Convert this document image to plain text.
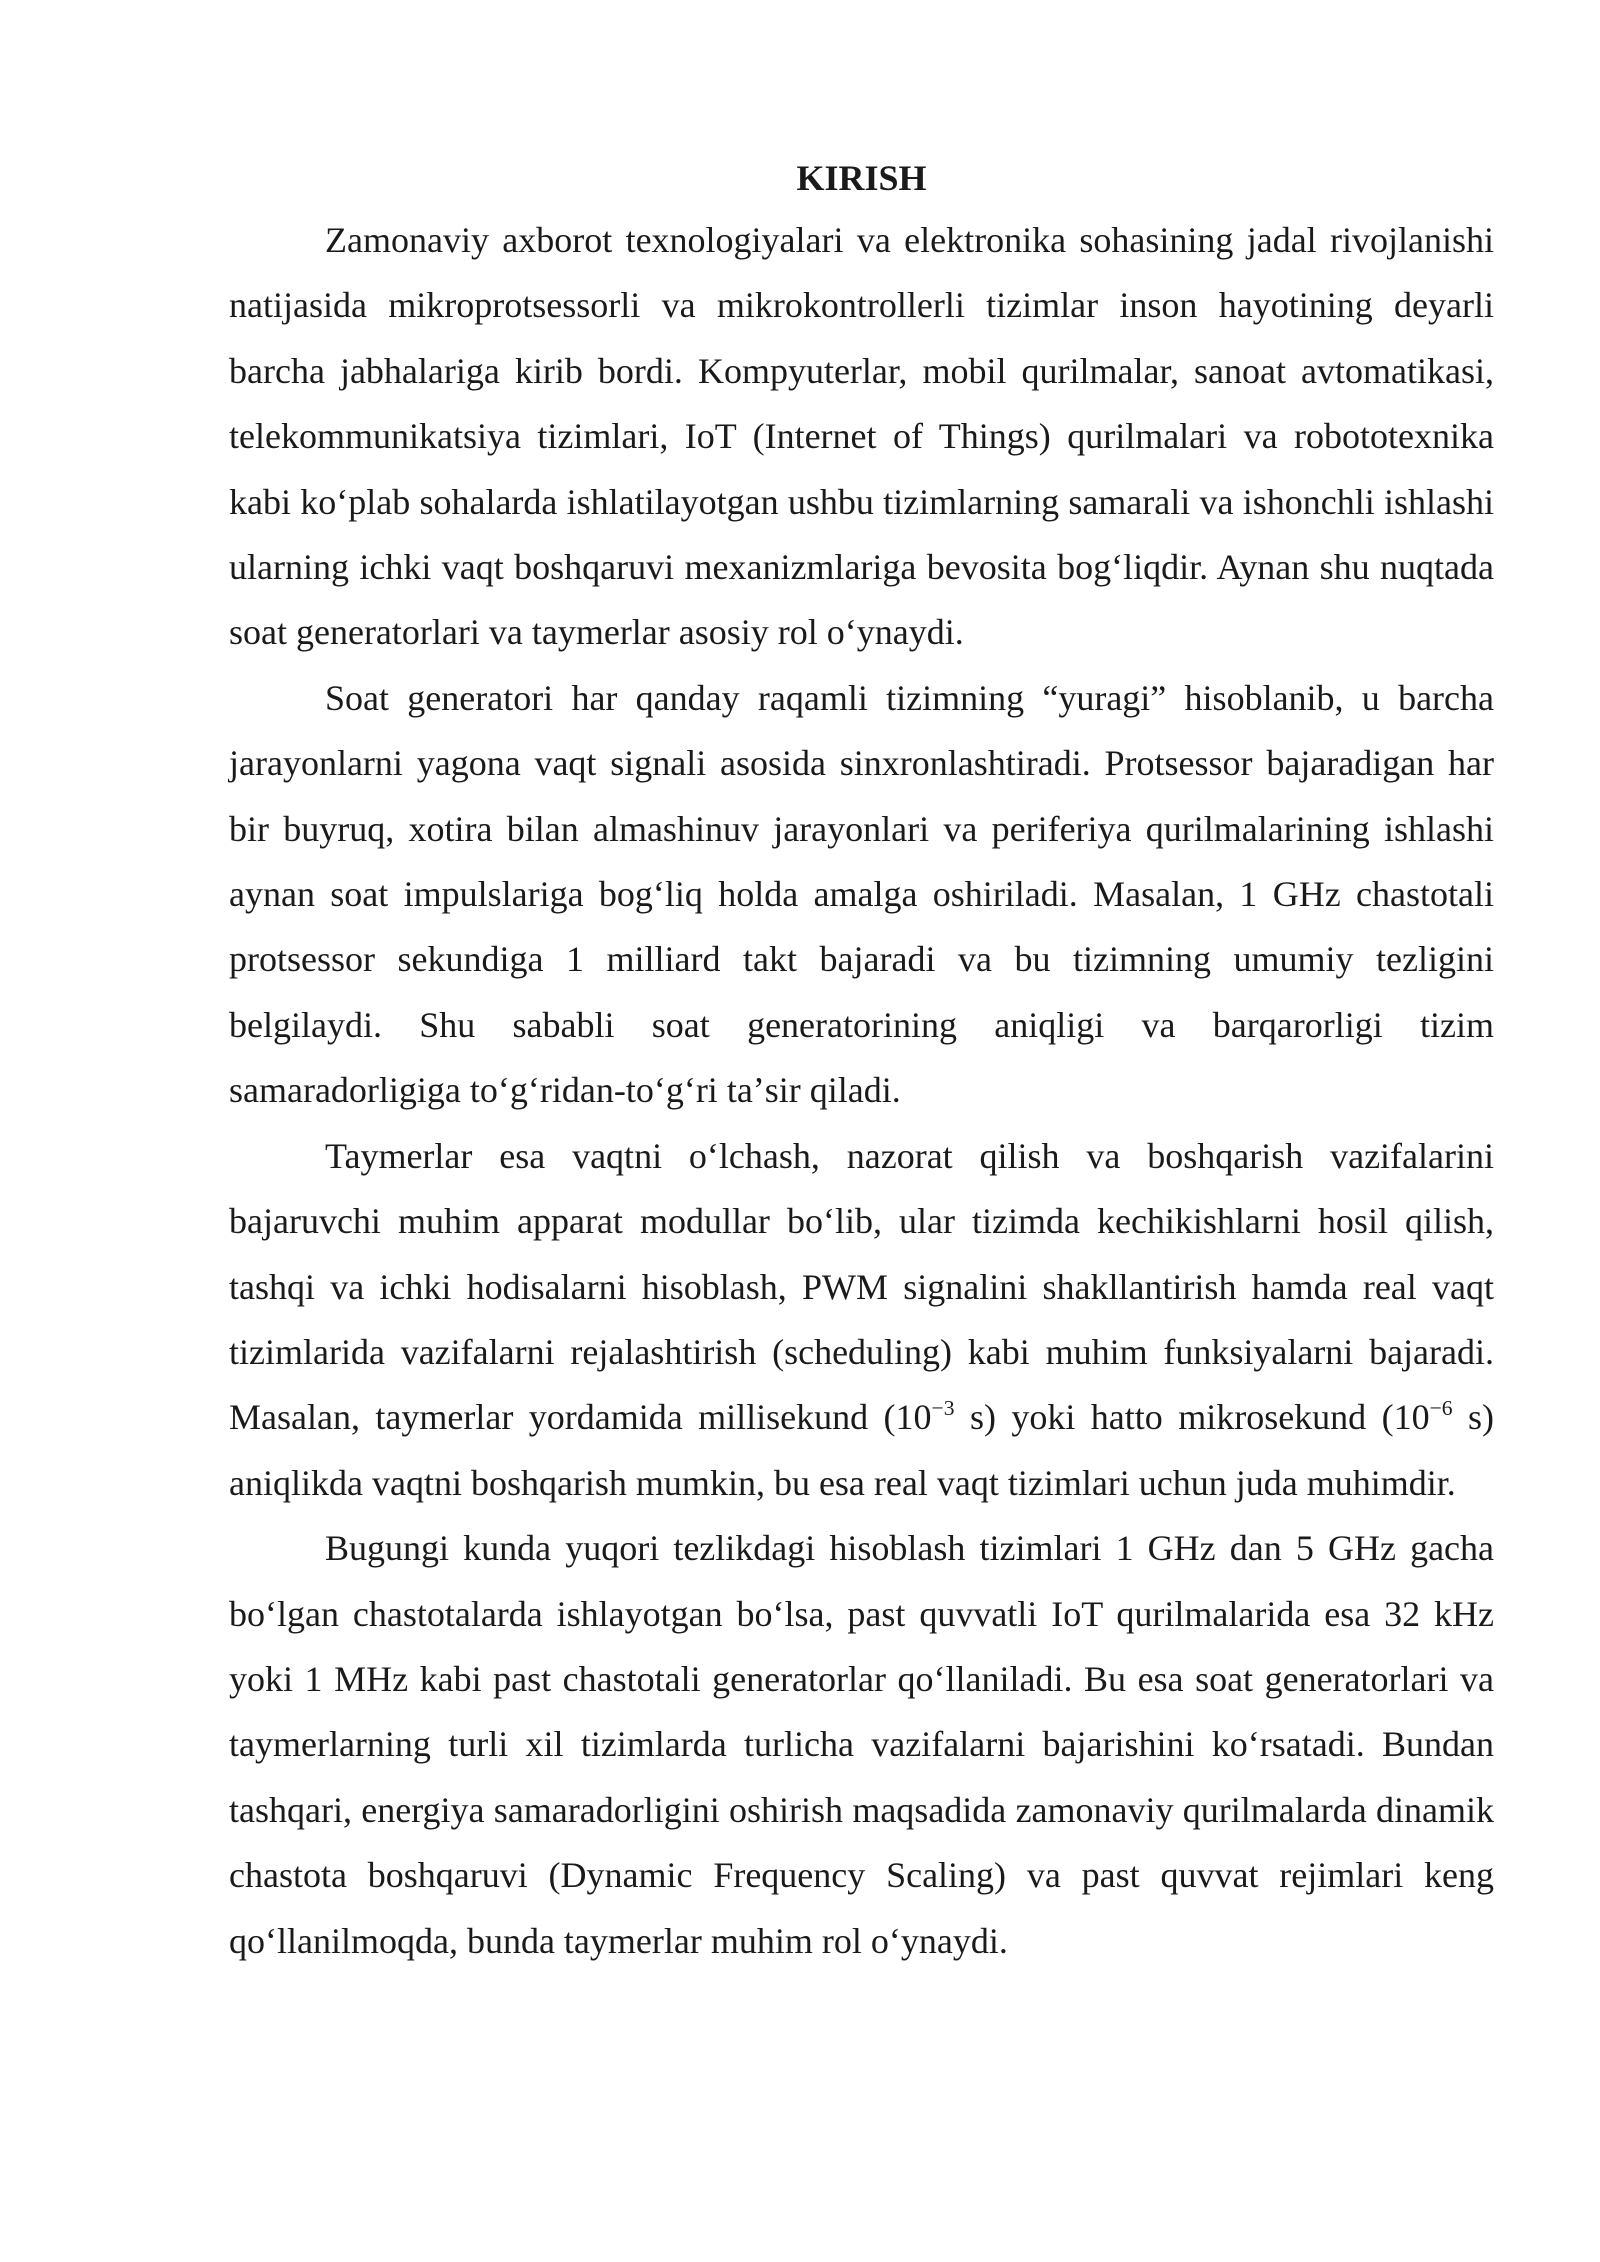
KIRISH

Zamonaviy axborot texnologiyalari va elektronika sohasining jadal rivojlanishi natijasida mikroprotsessorli va mikrokontrollerli tizimlar inson hayotining deyarli barcha jabhalariga kirib bordi. Kompyuterlar, mobil qurilmalar, sanoat avtomatikasi, telekommunikatsiya tizimlari, IoT (Internet of Things) qurilmalari va robototexnika kabi koʻplab sohalarda ishlatilayotgan ushbu tizimlarning samarali va ishonchli ishlashi ularning ichki vaqt boshqaruvi mexanizmlariga bevosita bogʻliqdir. Aynan shu nuqtada soat generatorlari va taymerlar asosiy rol oʻynaydi.

Soat generatori har qanday raqamli tizimning “yuragi” hisoblanib, u barcha jarayonlarni yagona vaqt signali asosida sinxronlashtiradi. Protsessor bajaradigan har bir buyruq, xotira bilan almashinuv jarayonlari va periferiya qurilmalarining ishlashi aynan soat impulslariga bogʻliq holda amalga oshiriladi. Masalan, 1 GHz chastotali protsessor sekundiga 1 milliard takt bajaradi va bu tizimning umumiy tezligini belgilaydi. Shu sababli soat generatorining aniqligi va barqarorligi tizim samaradorligiga toʻgʻridan-toʻgʻri taʼsir qiladi.

Taymerlar esa vaqtni oʻlchash, nazorat qilish va boshqarish vazifalarini bajaruvchi muhim apparat modullar boʻlib, ular tizimda kechikishlarni hosil qilish, tashqi va ichki hodisalarni hisoblash, PWM signalini shakllantirish hamda real vaqt tizimlarida vazifalarni rejalashtirish (scheduling) kabi muhim funksiyalarni bajaradi. Masalan, taymerlar yordamida millisekund ($10^{-3}$ s) yoki hatto mikrosekund ($10^{-6}$ s) aniqlikda vaqtni boshqarish mumkin, bu esa real vaqt tizimlari uchun juda muhimdir.

Bugungi kunda yuqori tezlikdagi hisoblash tizimlari 1 GHz dan 5 GHz gacha boʻlgan chastotalarda ishlayotgan boʻlsa, past quvvatli IoT qurilmalarida esa 32 kHz yoki 1 MHz kabi past chastotali generatorlar qoʻllaniladi. Bu esa soat generatorlari va taymerlarning turli xil tizimlarda turlicha vazifalarni bajarishini koʻrsatadi. Bundan tashqari, energiya samaradorligini oshirish maqsadida zamonaviy qurilmalarda dinamik chastota boshqaruvi (Dynamic Frequency Scaling) va past quvvat rejimlari keng qoʻllanilmoqda, bunda taymerlar muhim rol oʻynaydi.
